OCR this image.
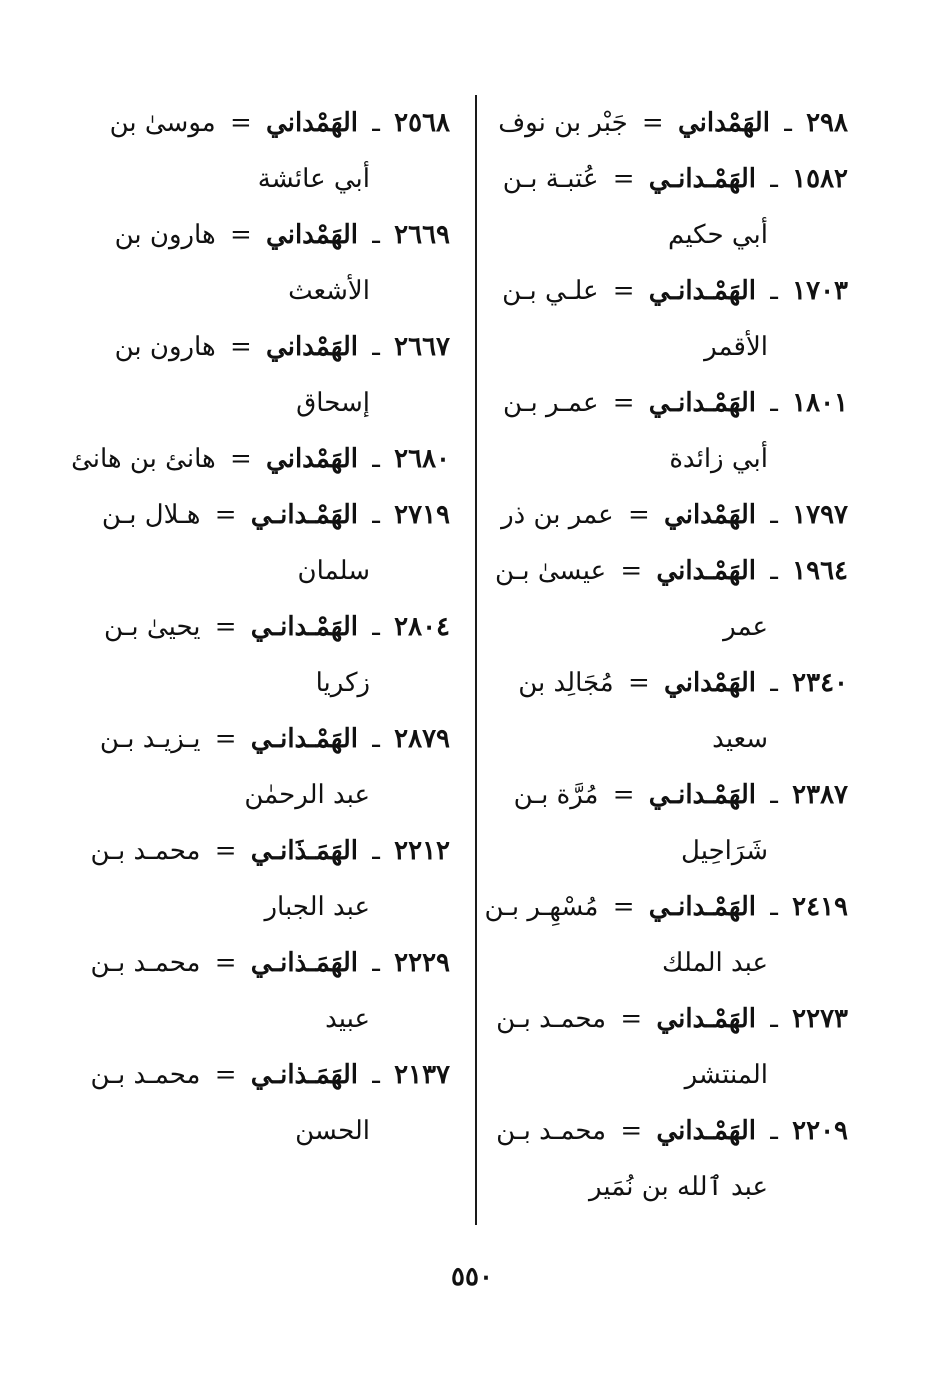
٢٩٨ ـ الهَمْداني = جَبْر بن نوف
١٥٨٢ ـ الهَمْـدانـي = عُتبـة بـن
أبي حكيم
١٧٠٣ ـ الهَمْـدانـي = علـي بـن
الأقمر
١٨٠١ ـ الهَمْـدانـي = عمـر بـن
أبي زائدة
١٧٩٧ ـ الهَمْداني = عمر بن ذر
١٩٦٤ ـ الهَمْـداني = عيسىٰ بـن
عمر
٢٣٤٠ ـ الهَمْداني = مُجَالِد بن
سعيد
٢٣٨٧ ـ الهَمْـدانـي = مُرَّة بـن
شَرَاحِيل
٢٤١٩ ـ الهَمْـدانـي = مُسْهِـر بـن
عبد الملك
٢٢٧٣ ـ الهَمْـداني = محمـد بـن
المنتشر
٢٢٠٩ ـ الهَمْـداني = محمـد بـن
عبد ٱلله بن نُمَير
٢٥٦٨ ـ الهَمْداني = موسىٰ بن
أبي عائشة
٢٦٦٩ ـ الهَمْداني = هارون بن
الأشعث
٢٦٦٧ ـ الهَمْداني = هارون بن
إسحاق
٢٦٨٠ ـ الهَمْداني = هانئ بن هانئ
٢٧١٩ ـ الهَمْـدانـي = هـلال بـن
سلمان
٢٨٠٤ ـ الهَمْـدانـي = يحيىٰ بـن
زكريا
٢٨٧٩ ـ الهَمْـدانـي = يـزيـد بـن
عبد الرحمٰن
٢٢١٢ ـ الهَمَـذَانـي = محمـد بـن
عبد الجبار
٢٢٢٩ ـ الهَمَـذانـي = محمـد بـن
عبيد
٢١٣٧ ـ الهَمَـذانـي = محمـد بـن
الحسن
٥٥٠
